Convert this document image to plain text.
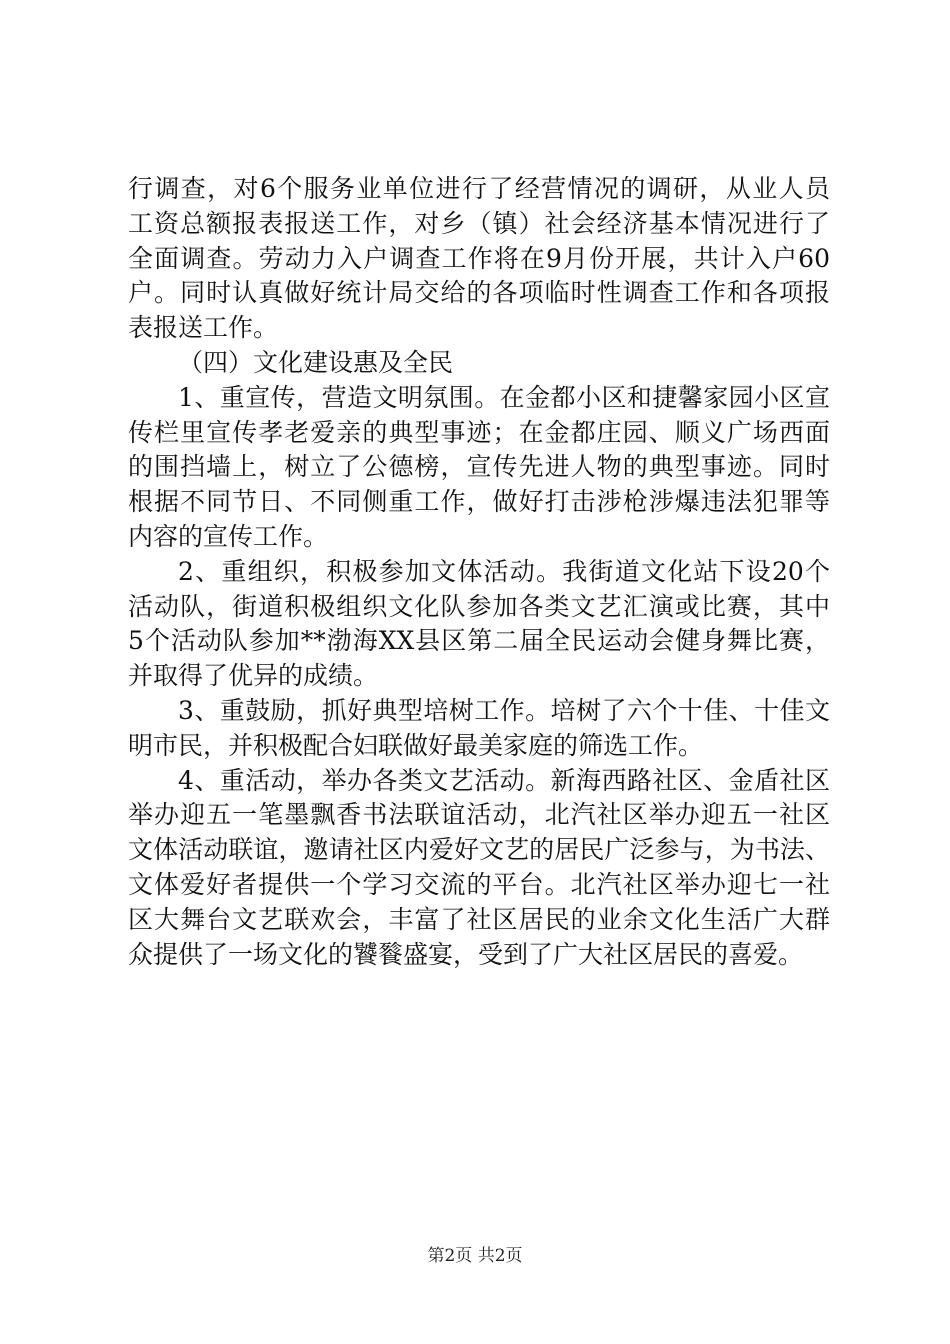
行调查，对6个服务业单位进行了经营情况的调研，从业人员
工资总额报表报送工作，对乡（镇）社会经济基本情况进行了
全面调查。劳动力入户调查工作将在9月份开展，共计入户60
户。同时认真做好统计局交给的各项临时性调查工作和各项报
表报送工作。
（四）文化建设惠及全民
1、重宣传，营造文明氛围。在金都小区和捷馨家园小区宣
传栏里宣传孝老爱亲的典型事迹；在金都庄园、顺义广场西面
的围挡墙上，树立了公德榜，宣传先进人物的典型事迹。同时
根据不同节日、不同侧重工作，做好打击涉枪涉爆违法犯罪等
内容的宣传工作。
2、重组织，积极参加文体活动。我街道文化站下设20个
活动队，街道积极组织文化队参加各类文艺汇演或比赛，其中
5个活动队参加**渤海XX县区第二届全民运动会健身舞比赛，
并取得了优异的成绩。
3、重鼓励，抓好典型培树工作。培树了六个十佳、十佳文
明市民，并积极配合妇联做好最美家庭的筛选工作。
4、重活动，举办各类文艺活动。新海西路社区、金盾社区
举办迎五一笔墨飘香书法联谊活动，北汽社区举办迎五一社区
文体活动联谊，邀请社区内爱好文艺的居民广泛参与，为书法、
文体爱好者提供一个学习交流的平台。北汽社区举办迎七一社
区大舞台文艺联欢会，丰富了社区居民的业余文化生活广大群
众提供了一场文化的饕餮盛宴，受到了广大社区居民的喜爱。
第2页 共2页
